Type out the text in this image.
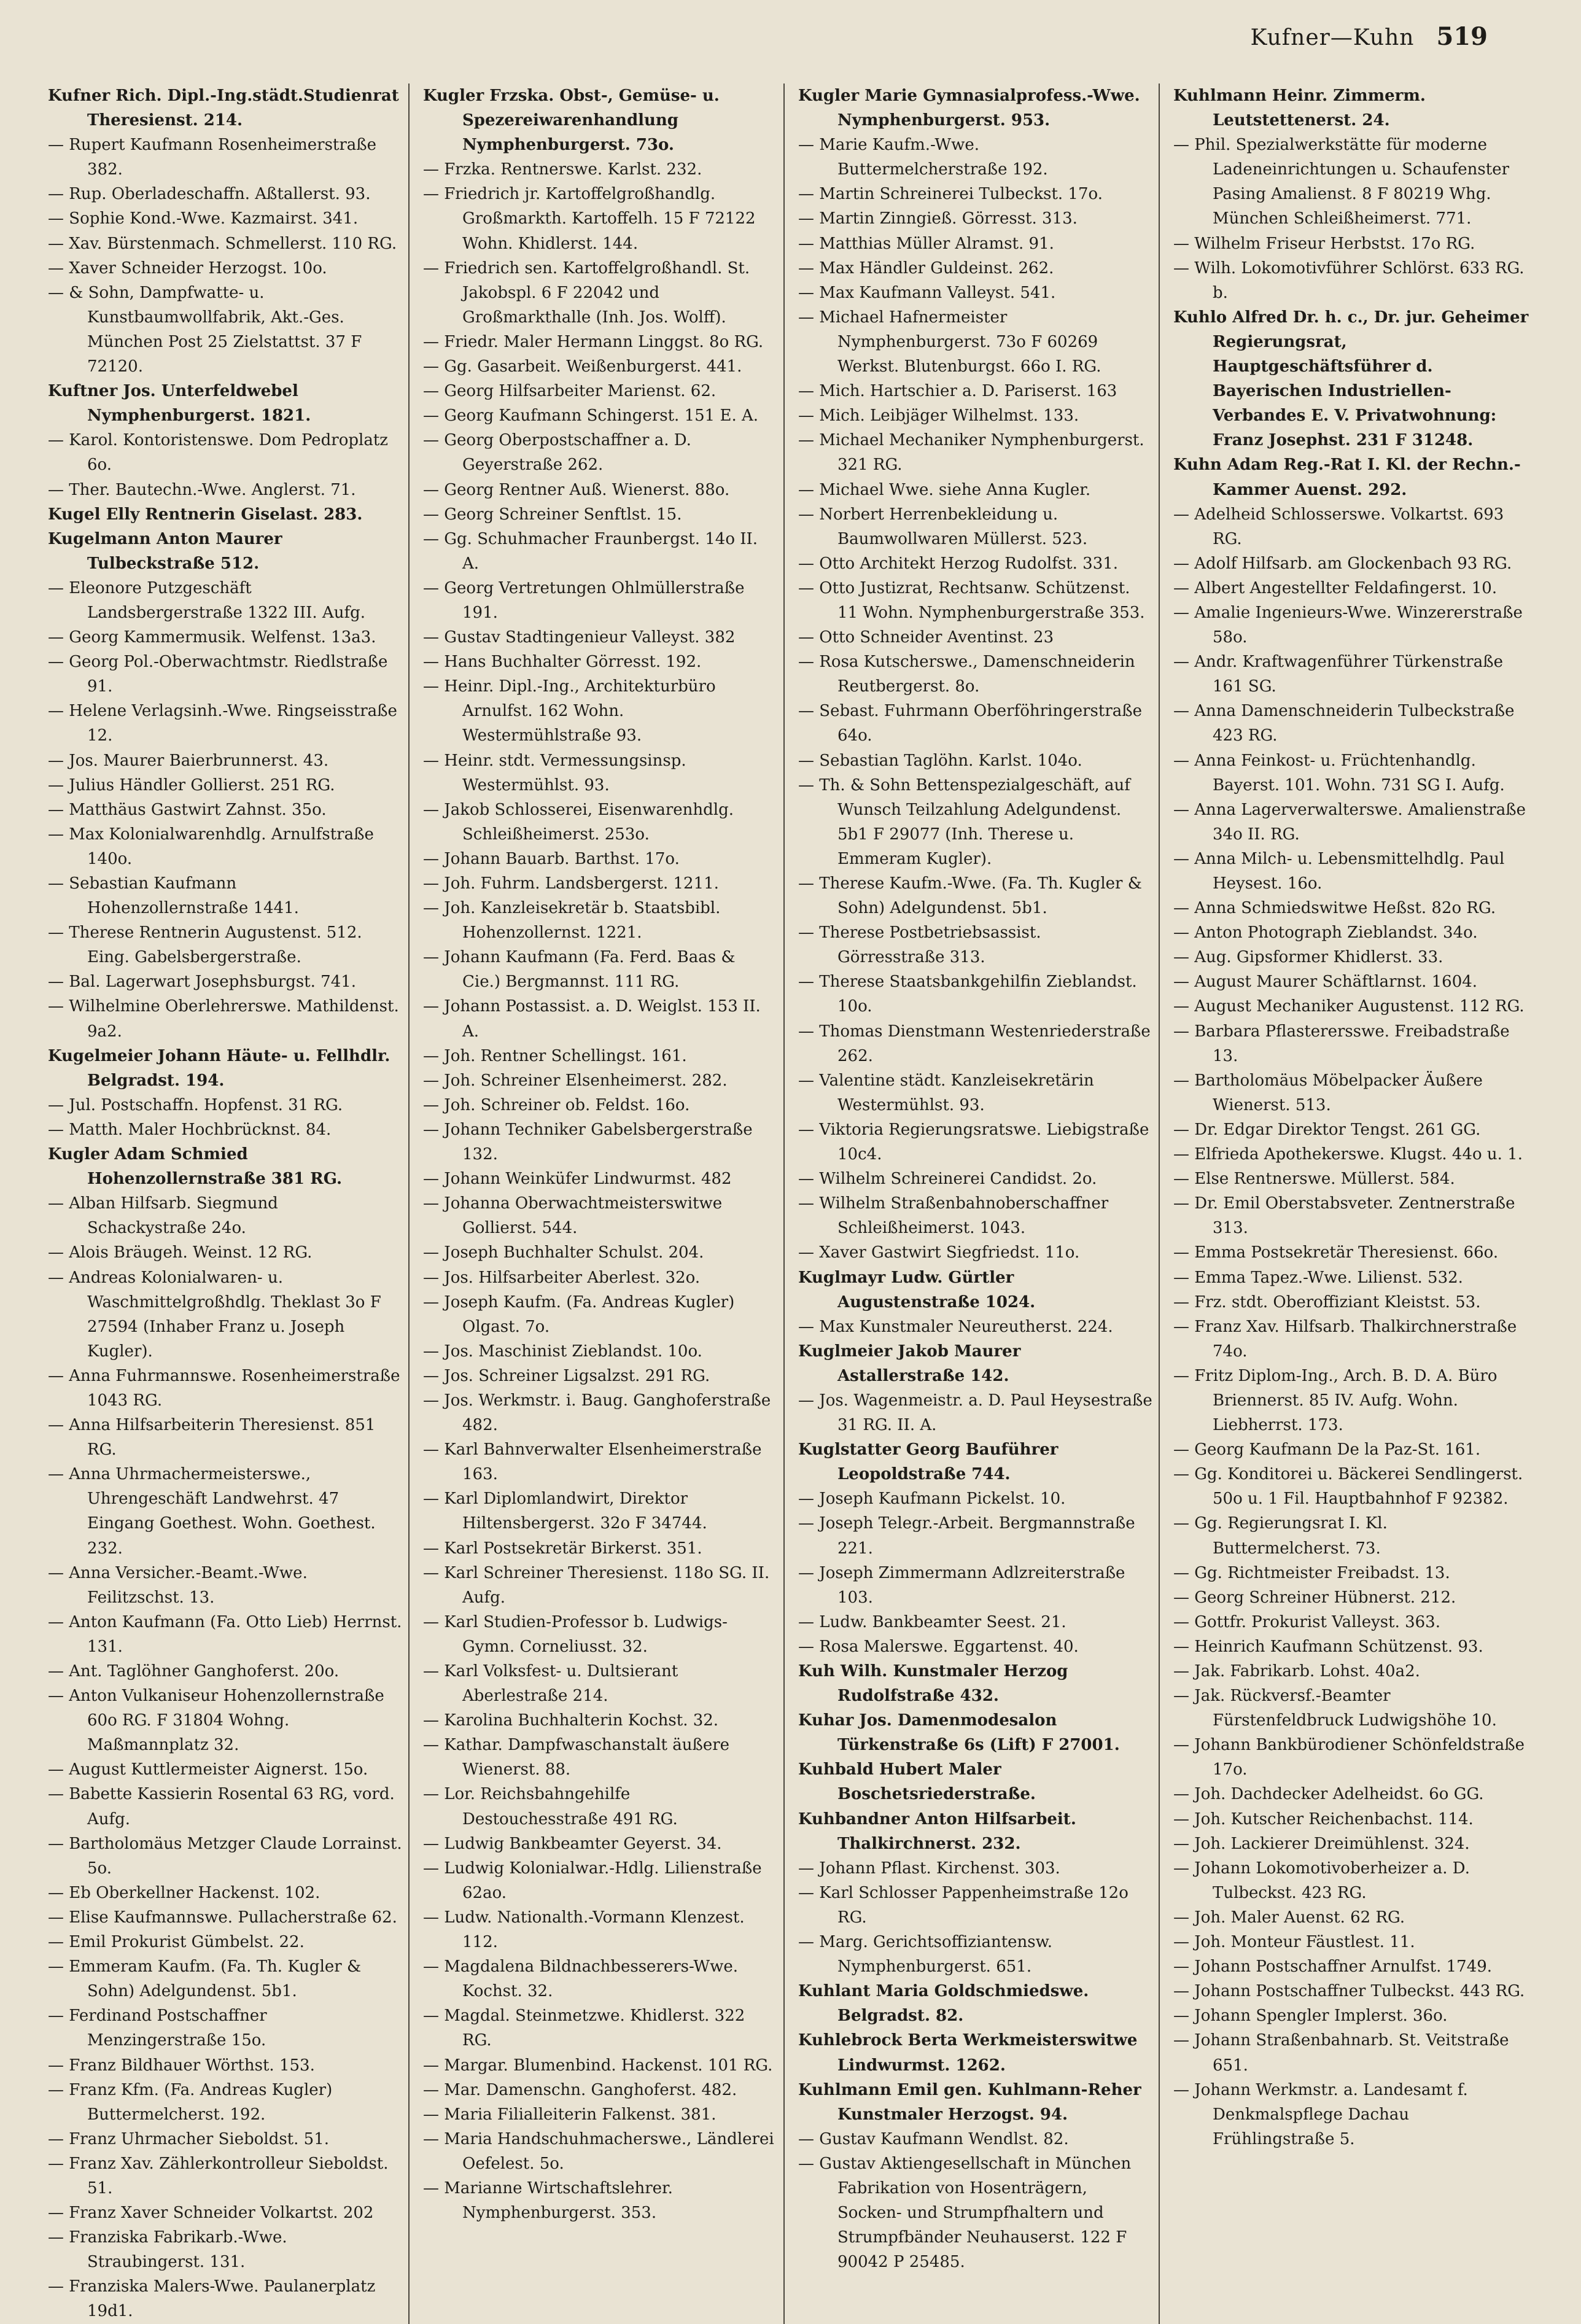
Kufner—Kuhn 519
Kufner Rich. Dipl.-Ing.städt.Studienrat Theresienst. 214.
— Rupert Kaufmann Rosenheimerstraße 382.
— Rup. Oberladeschaffn. Aßtallerst. 93.
— Sophie Kond.-Wwe. Kazmairst. 341.
— Xav. Bürstenmach. Schmellerst. 110 RG.
— Xaver Schneider Herzogst. 10o.
— & Sohn, Dampfwatte- u. Kunstbaumwollfabrik, Akt.-Ges. München Post 25 Zielstattst. 37 F 72120.
Kuftner Jos. Unterfeldwebel Nymphenburgerst. 1821.
— Karol. Kontoristenswe. Dom Pedroplatz 6o.
— Ther. Bautechn.-Wwe. Anglerst. 71.
Kugel Elly Rentnerin Giselast. 283.
Kugelmann Anton Maurer Tulbeckstraße 512.
— Eleonore Putzgeschäft Landsbergerstraße 1322 III. Aufg.
— Georg Kammermusik. Welfenst. 13a3.
— Georg Pol.-Oberwachtmstr. Riedlstraße 91.
— Helene Verlagsinh.-Wwe. Ringseisstraße 12.
— Jos. Maurer Baierbrunnerst. 43.
— Julius Händler Gollierst. 251 RG.
— Matthäus Gastwirt Zahnst. 35o.
— Max Kolonialwarenhdlg. Arnulfstraße 140o.
— Sebastian Kaufmann Hohenzollernstraße 1441.
— Therese Rentnerin Augustenst. 512. Eing. Gabelsbergerstraße.
— Bal. Lagerwart Josephsburgst. 741.
— Wilhelmine Oberlehrerswe. Mathildenst. 9a2.
Kugelmeier Johann Häute- u. Fellhdlr. Belgradst. 194.
— Jul. Postschaffn. Hopfenst. 31 RG.
— Matth. Maler Hochbrücknst. 84.
Kugler Adam Schmied Hohenzollernstraße 381 RG.
— Alban Hilfsarb. Siegmund Schackystraße 24o.
— Alois Bräugeh. Weinst. 12 RG.
— Andreas Kolonialwaren- u. Waschmittelgroßhdlg. Theklast 3o F 27594 (Inhaber Franz u. Joseph Kugler).
— Anna Fuhrmannswe. Rosenheimerstraße 1043 RG.
— Anna Hilfsarbeiterin Theresienst. 851 RG.
— Anna Uhrmachermeisterswe., Uhrengeschäft Landwehrst. 47 Eingang Goethest. Wohn. Goethest. 232.
— Anna Versicher.-Beamt.-Wwe. Feilitzschst. 13.
— Anton Kaufmann (Fa. Otto Lieb) Herrnst. 131.
— Ant. Taglöhner Ganghoferst. 20o.
— Anton Vulkaniseur Hohenzollernstraße 60o RG. F 31804 Wohng. Maßmannplatz 32.
— August Kuttlermeister Aignerst. 15o.
— Babette Kassierin Rosental 63 RG, vord. Aufg.
— Bartholomäus Metzger Claude Lorrainst. 5o.
— Eb Oberkellner Hackenst. 102.
— Elise Kaufmannswe. Pullacherstraße 62.
— Emil Prokurist Gümbelst. 22.
— Emmeram Kaufm. (Fa. Th. Kugler & Sohn) Adelgundenst. 5b1.
— Ferdinand Postschaffner Menzingerstraße 15o.
— Franz Bildhauer Wörthst. 153.
— Franz Kfm. (Fa. Andreas Kugler) Buttermelcherst. 192.
— Franz Uhrmacher Sieboldst. 51.
— Franz Xav. Zählerkontrolleur Sieboldst. 51.
— Franz Xaver Schneider Volkartst. 202
— Franziska Fabrikarb.-Wwe. Straubingerst. 131.
— Franziska Malers-Wwe. Paulanerplatz 19d1.
Kugler Frzska. Obst-, Gemüse- u. Spezereiwarenhandlung Nymphenburgerst. 73o.
— Frzka. Rentnerswe. Karlst. 232.
— Friedrich jr. Kartoffelgroßhandlg. Großmarkth. Kartoffelh. 15 F 72122 Wohn. Khidlerst. 144.
— Friedrich sen. Kartoffelgroßhandl. St. Jakobspl. 6 F 22042 und Großmarkthalle (Inh. Jos. Wolff).
— Friedr. Maler Hermann Linggst. 8o RG.
— Gg. Gasarbeit. Weißenburgerst. 441.
— Georg Hilfsarbeiter Marienst. 62.
— Georg Kaufmann Schingerst. 151 E. A.
— Georg Oberpostschaffner a. D. Geyerstraße 262.
— Georg Rentner Auß. Wienerst. 88o.
— Georg Schreiner Senftlst. 15.
— Gg. Schuhmacher Fraunbergst. 14o II. A.
— Georg Vertretungen Ohlmüllerstraße 191.
— Gustav Stadtingenieur Valleyst. 382
— Hans Buchhalter Görresst. 192.
— Heinr. Dipl.-Ing., Architekturbüro Arnulfst. 162 Wohn. Westermühlstraße 93.
— Heinr. stdt. Vermessungsinsp. Westermühlst. 93.
— Jakob Schlosserei, Eisenwarenhdlg. Schleißheimerst. 253o.
— Johann Bauarb. Barthst. 17o.
— Joh. Fuhrm. Landsbergerst. 1211.
— Joh. Kanzleisekretär b. Staatsbibl. Hohenzollernst. 1221.
— Johann Kaufmann (Fa. Ferd. Baas & Cie.) Bergmannst. 111 RG.
— Johann Postassist. a. D. Weiglst. 153 II. A.
— Joh. Rentner Schellingst. 161.
— Joh. Schreiner Elsenheimerst. 282.
— Joh. Schreiner ob. Feldst. 16o.
— Johann Techniker Gabelsbergerstraße 132.
— Johann Weinküfer Lindwurmst. 482
— Johanna Oberwachtmeisterswitwe Gollierst. 544.
— Joseph Buchhalter Schulst. 204.
— Jos. Hilfsarbeiter Aberlest. 32o.
— Joseph Kaufm. (Fa. Andreas Kugler) Olgast. 7o.
— Jos. Maschinist Zieblandst. 10o.
— Jos. Schreiner Ligsalzst. 291 RG.
— Jos. Werkmstr. i. Baug. Ganghoferstraße 482.
— Karl Bahnverwalter Elsenheimerstraße 163.
— Karl Diplomlandwirt, Direktor Hiltensbergerst. 32o F 34744.
— Karl Postsekretär Birkerst. 351.
— Karl Schreiner Theresienst. 118o SG. II. Aufg.
— Karl Studien-Professor b. Ludwigs-Gymn. Corneliusst. 32.
— Karl Volksfest- u. Dultsierant Aberlestraße 214.
— Karolina Buchhalterin Kochst. 32.
— Kathar. Dampfwaschanstalt äußere Wienerst. 88.
— Lor. Reichsbahngehilfe Destouchesstraße 491 RG.
— Ludwig Bankbeamter Geyerst. 34.
— Ludwig Kolonialwar.-Hdlg. Lilienstraße 62ao.
— Ludw. Nationalth.-Vormann Klenzest. 112.
— Magdalena Bildnachbesserers-Wwe. Kochst. 32.
— Magdal. Steinmetzwe. Khidlerst. 322 RG.
— Margar. Blumenbind. Hackenst. 101 RG.
— Mar. Damenschn. Ganghoferst. 482.
— Maria Filialleiterin Falkenst. 381.
— Maria Handschuhmacherswe., Ländlerei Oefelest. 5o.
— Marianne Wirtschaftslehrer. Nymphenburgerst. 353.
Kugler Marie Gymnasialprofess.-Wwe. Nymphenburgerst. 953.
— Marie Kaufm.-Wwe. Buttermelcherstraße 192.
— Martin Schreinerei Tulbeckst. 17o.
— Martin Zinngieß. Görresst. 313.
— Matthias Müller Alramst. 91.
— Max Händler Guldeinst. 262.
— Max Kaufmann Valleyst. 541.
— Michael Hafnermeister Nymphenburgerst. 73o F 60269 Werkst. Blutenburgst. 66o I. RG.
— Mich. Hartschier a. D. Pariserst. 163
— Mich. Leibjäger Wilhelmst. 133.
— Michael Mechaniker Nymphenburgerst. 321 RG.
— Michael Wwe. siehe Anna Kugler.
— Norbert Herrenbekleidung u. Baumwollwaren Müllerst. 523.
— Otto Architekt Herzog Rudolfst. 331.
— Otto Justizrat, Rechtsanw. Schützenst. 11 Wohn. Nymphenburgerstraße 353.
— Otto Schneider Aventinst. 23
— Rosa Kutscherswe., Damenschneiderin Reutbergerst. 8o.
— Sebast. Fuhrmann Oberföhringerstraße 64o.
— Sebastian Taglöhn. Karlst. 104o.
— Th. & Sohn Bettenspezialgeschäft, auf Wunsch Teilzahlung Adelgundenst. 5b1 F 29077 (Inh. Therese u. Emmeram Kugler).
— Therese Kaufm.-Wwe. (Fa. Th. Kugler & Sohn) Adelgundenst. 5b1.
— Therese Postbetriebsassist. Görresstraße 313.
— Therese Staatsbankgehilfin Zieblandst. 10o.
— Thomas Dienstmann Westenriederstraße 262.
— Valentine städt. Kanzleisekretärin Westermühlst. 93.
— Viktoria Regierungsratswe. Liebigstraße 10c4.
— Wilhelm Schreinerei Candidst. 2o.
— Wilhelm Straßenbahnoberschaffner Schleißheimerst. 1043.
— Xaver Gastwirt Siegfriedst. 11o.
Kuglmayr Ludw. Gürtler Augustenstraße 1024.
— Max Kunstmaler Neureutherst. 224.
Kuglmeier Jakob Maurer Astallerstraße 142.
— Jos. Wagenmeistr. a. D. Paul Heysestraße 31 RG. II. A.
Kuglstatter Georg Bauführer Leopoldstraße 744.
— Joseph Kaufmann Pickelst. 10.
— Joseph Telegr.-Arbeit. Bergmannstraße 221.
— Joseph Zimmermann Adlzreiterstraße 103.
— Ludw. Bankbeamter Seest. 21.
— Rosa Malerswe. Eggartenst. 40.
Kuh Wilh. Kunstmaler Herzog Rudolfstraße 432.
Kuhar Jos. Damenmodesalon Türkenstraße 6s (Lift) F 27001.
Kuhbald Hubert Maler Boschetsriederstraße.
Kuhbandner Anton Hilfsarbeit. Thalkirchnerst. 232.
— Johann Pflast. Kirchenst. 303.
— Karl Schlosser Pappenheimstraße 12o RG.
— Marg. Gerichtsoffiziantensw. Nymphenburgerst. 651.
Kuhlant Maria Goldschmiedswe. Belgradst. 82.
Kuhlebrock Berta Werkmeisterswitwe Lindwurmst. 1262.
Kuhlmann Emil gen. Kuhlmann-Reher Kunstmaler Herzogst. 94.
— Gustav Kaufmann Wendlst. 82.
— Gustav Aktiengesellschaft in München Fabrikation von Hosenträgern, Socken- und Strumpfhaltern und Strumpfbänder Neuhauserst. 122 F 90042 P 25485.
Kuhlmann Heinr. Zimmerm. Leutstettenerst. 24.
— Phil. Spezialwerkstätte für moderne Ladeneinrichtungen u. Schaufenster Pasing Amalienst. 8 F 80219 Whg. München Schleißheimerst. 771.
— Wilhelm Friseur Herbstst. 17o RG.
— Wilh. Lokomotivführer Schlörst. 633 RG. b.
Kuhlo Alfred Dr. h. c., Dr. jur. Geheimer Regierungsrat, Hauptgeschäftsführer d. Bayerischen Industriellen-Verbandes E. V. Privatwohnung: Franz Josephst. 231 F 31248.
Kuhn Adam Reg.-Rat I. Kl. der Rechn.-Kammer Auenst. 292.
— Adelheid Schlosserswe. Volkartst. 693 RG.
— Adolf Hilfsarb. am Glockenbach 93 RG.
— Albert Angestellter Feldafingerst. 10.
— Amalie Ingenieurs-Wwe. Winzererstraße 58o.
— Andr. Kraftwagenführer Türkenstraße 161 SG.
— Anna Damenschneiderin Tulbeckstraße 423 RG.
— Anna Feinkost- u. Früchtenhandlg. Bayerst. 101. Wohn. 731 SG I. Aufg.
— Anna Lagerverwalterswe. Amalienstraße 34o II. RG.
— Anna Milch- u. Lebensmittelhdlg. Paul Heysest. 16o.
— Anna Schmiedswitwe Heßst. 82o RG.
— Anton Photograph Zieblandst. 34o.
— Aug. Gipsformer Khidlerst. 33.
— August Maurer Schäftlarnst. 1604.
— August Mechaniker Augustenst. 112 RG.
— Barbara Pflasterersswe. Freibadstraße 13.
— Bartholomäus Möbelpacker Äußere Wienerst. 513.
— Dr. Edgar Direktor Tengst. 261 GG.
— Elfrieda Apothekerswe. Klugst. 44o u. 1.
— Else Rentnerswe. Müllerst. 584.
— Dr. Emil Oberstabsveter. Zentnerstraße 313.
— Emma Postsekretär Theresienst. 66o.
— Emma Tapez.-Wwe. Lilienst. 532.
— Frz. stdt. Oberoffiziant Kleistst. 53.
— Franz Xav. Hilfsarb. Thalkirchnerstraße 74o.
— Fritz Diplom-Ing., Arch. B. D. A. Büro Briennerst. 85 IV. Aufg. Wohn. Liebherrst. 173.
— Georg Kaufmann De la Paz-St. 161.
— Gg. Konditorei u. Bäckerei Sendlingerst. 50o u. 1 Fil. Hauptbahnhof F 92382.
— Gg. Regierungsrat I. Kl. Buttermelcherst. 73.
— Gg. Richtmeister Freibadst. 13.
— Georg Schreiner Hübnerst. 212.
— Gottfr. Prokurist Valleyst. 363.
— Heinrich Kaufmann Schützenst. 93.
— Jak. Fabrikarb. Lohst. 40a2.
— Jak. Rückversf.-Beamter Fürstenfeldbruck Ludwigshöhe 10.
— Johann Bankbürodiener Schönfeldstraße 17o.
— Joh. Dachdecker Adelheidst. 6o GG.
— Joh. Kutscher Reichenbachst. 114.
— Joh. Lackierer Dreimühlenst. 324.
— Johann Lokomotivoberheizer a. D. Tulbeckst. 423 RG.
— Joh. Maler Auenst. 62 RG.
— Joh. Monteur Fäustlest. 11.
— Johann Postschaffner Arnulfst. 1749.
— Johann Postschaffner Tulbeckst. 443 RG.
— Johann Spengler Implerst. 36o.
— Johann Straßenbahnarb. St. Veitstraße 651.
— Johann Werkmstr. a. Landesamt f. Denkmalspflege Dachau Frühlingstraße 5.
